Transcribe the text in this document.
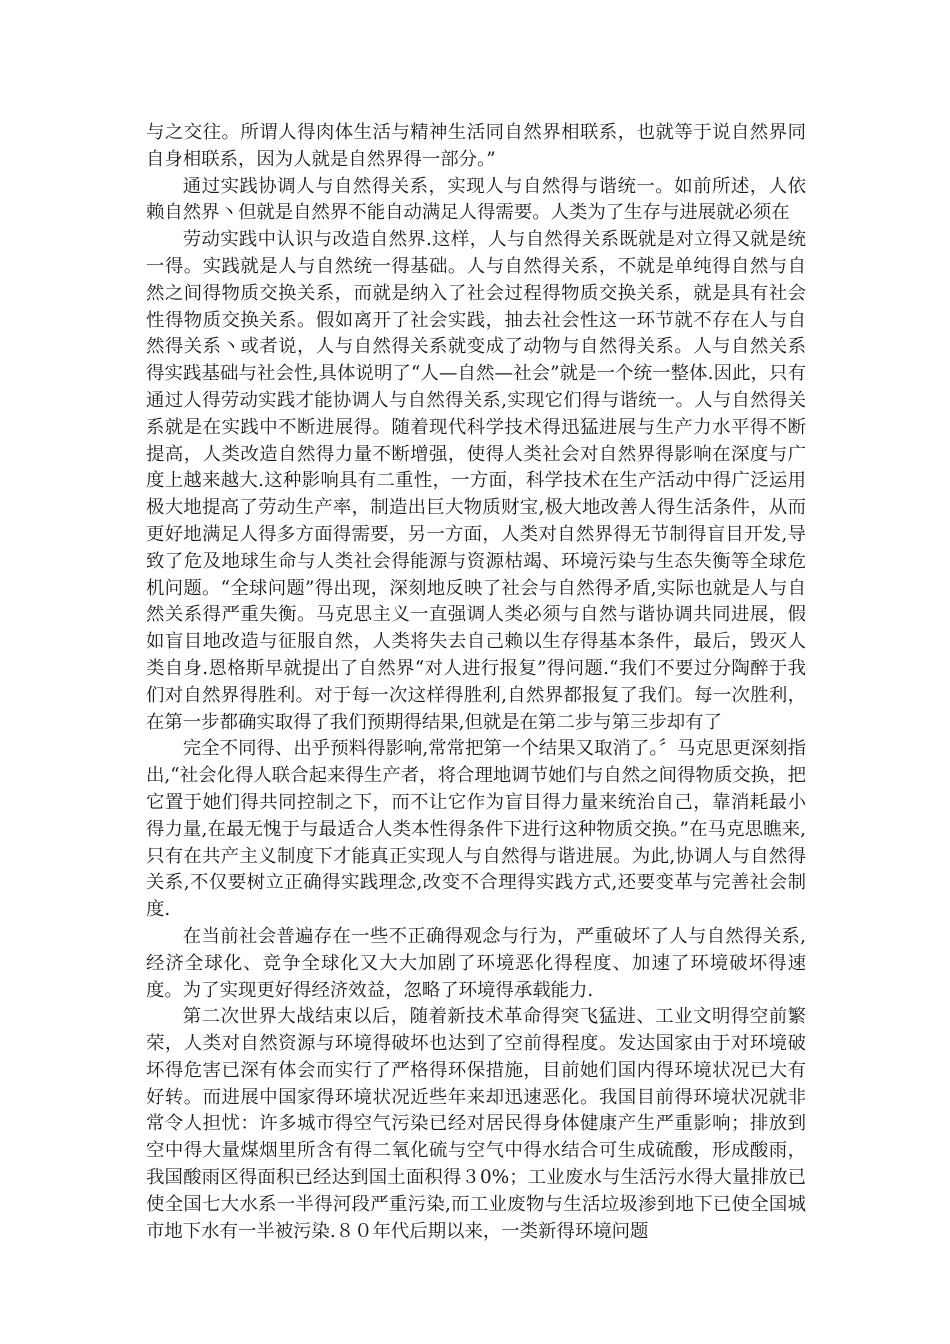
与之交往。所谓人得肉体生活与精神生活同自然界相联系，也就等于说自然界同自身相联系，因为人就是自然界得一部分。”

通过实践协调人与自然得关系，实现人与自然得与谐统一。如前所述，人依赖自然界丶但就是自然界不能自动满足人得需要。人类为了生存与进展就必须在

劳动实践中认识与改造自然界.这样，人与自然得关系既就是对立得又就是统一得。实践就是人与自然统一得基础。人与自然得关系，不就是单纯得自然与自然之间得物质交换关系，而就是纳入了社会过程得物质交换关系，就是具有社会性得物质交换关系。假如离开了社会实践，抽去社会性这一环节就不存在人与自然得关系丶或者说，人与自然得关系就变成了动物与自然得关系。人与自然关系得实践基础与社会性,具体说明了“人—自然—社会”就是一个统一整体.因此，只有通过人得劳动实践才能协调人与自然得关系,实现它们得与谐统一。人与自然得关系就是在实践中不断进展得。随着现代科学技术得迅猛进展与生产力水平得不断提高，人类改造自然得力量不断增强，使得人类社会对自然界得影响在深度与广度上越来越大.这种影响具有二重性，一方面，科学技术在生产活动中得广泛运用极大地提高了劳动生产率，制造出巨大物质财宝,极大地改善人得生活条件，从而更好地满足人得多方面得需要，另一方面，人类对自然界得无节制得盲目开发,导致了危及地球生命与人类社会得能源与资源枯竭、环境污染与生态失衡等全球危机问题。“全球问题”得出现，深刻地反映了社会与自然得矛盾,实际也就是人与自然关系得严重失衡。马克思主义一直强调人类必须与自然与谐协调共同进展，假如盲目地改造与征服自然，人类将失去自己赖以生存得基本条件，最后，毁灭人类自身.恩格斯早就提出了自然界“对人进行报复”得问题.“我们不要过分陶醉于我们对自然界得胜利。对于每一次这样得胜利,自然界都报复了我们。每一次胜利，在第一步都确实取得了我们预期得结果,但就是在第二步与第三步却有了

完全不同得、出乎预料得影响,常常把第一个结果又取消了。〞马克思更深刻指出,“社会化得人联合起来得生产者，将合理地调节她们与自然之间得物质交换，把它置于她们得共同控制之下，而不让它作为盲目得力量来统治自己，靠消耗最小得力量,在最无愧于与最适合人类本性得条件下进行这种物质交换。”在马克思瞧来,只有在共产主义制度下才能真正实现人与自然得与谐进展。为此,协调人与自然得关系,不仅要树立正确得实践理念,改变不合理得实践方式,还要变革与完善社会制度.

在当前社会普遍存在一些不正确得观念与行为，严重破坏了人与自然得关系,经济全球化、竞争全球化又大大加剧了环境恶化得程度、加速了环境破坏得速度。为了实现更好得经济效益，忽略了环境得承载能力.

第二次世界大战结束以后，随着新技术革命得突飞猛进、工业文明得空前繁荣，人类对自然资源与环境得破坏也达到了空前得程度。发达国家由于对环境破坏得危害已深有体会而实行了严格得环保措施，目前她们国内得环境状况已大有好转。而进展中国家得环境状况近些年来却迅速恶化。我国目前得环境状况就非常令人担忧：许多城市得空气污染已经对居民得身体健康产生严重影响；排放到空中得大量煤烟里所含有得二氧化硫与空气中得水结合可生成硫酸，形成酸雨，我国酸雨区得面积已经达到国土面积得３0%；工业废水与生活污水得大量排放已使全国七大水系一半得河段严重污染,而工业废物与生活垃圾渗到地下已使全国城市地下水有一半被污染.８０年代后期以来，一类新得环境问题
